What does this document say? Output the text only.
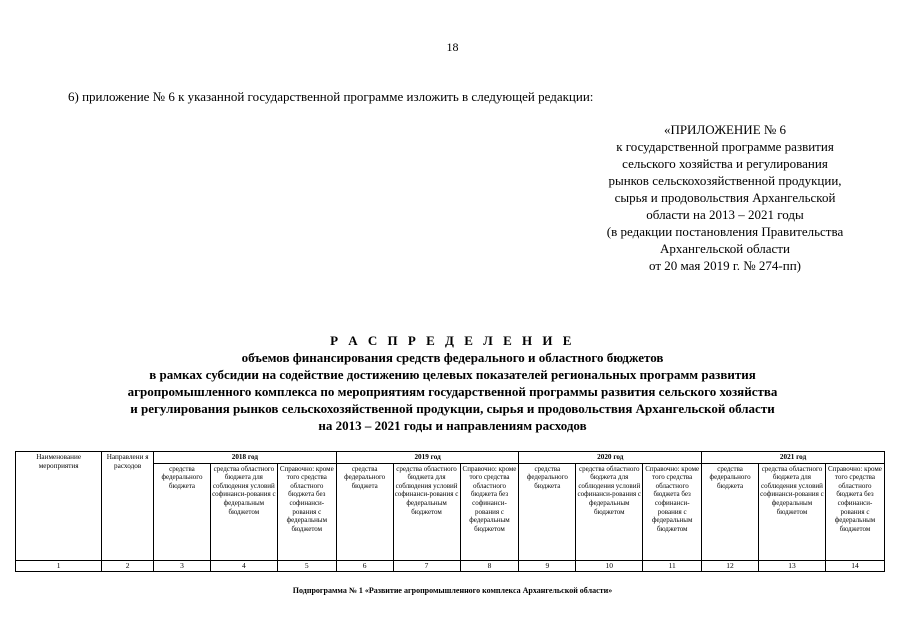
18
6) приложение № 6 к указанной государственной программе изложить в следующей редакции:
«ПРИЛОЖЕНИЕ № 6
к государственной программе развития
сельского хозяйства и регулирования
рынков сельскохозяйственной продукции,
сырья и продовольствия Архангельской
области на 2013 – 2021 годы
(в редакции постановления Правительства
Архангельской области
от 20 мая 2019 г. № 274-пп)
Р А С П Р Е Д Е Л Е Н И Е
объемов финансирования средств федерального и областного бюджетов
в рамках субсидии на содействие достижению целевых показателей региональных программ развития
агропромышленного комплекса по мероприятиям государственной программы развития сельского хозяйства
и регулирования рынков сельскохозяйственной продукции, сырья и продовольствия Архангельской области
на 2013 – 2021 годы и направлениям расходов
Наименование мероприятия	Направлени я расходов	2018 год			2019 год			2020 год			2021 год		
		средства федерального бюджета	средства областного бюджета для соблюдения условий софинанси-рования с федеральным бюджетом	Справочно: кроме того средства областного бюджета без софинанси-рования с федеральным бюджетом	средства федерального бюджета	средства областного бюджета для соблюдения условий софинанси-рования с федеральным бюджетом	Справочно: кроме того средства областного бюджета без софинанси-рования с федеральным бюджетом	средства федерального бюджета	средства областного бюджета для соблюдения условий софинанси-рования с федеральным бюджетом	Справочно: кроме того средства областного бюджета без софинанси-рования с федеральным бюджетом	средства федерального бюджета	средства областного бюджета для соблюдения условий софинанси-рования с федеральным бюджетом	Справочно: кроме того средства областного бюджета без софинанси-рования с федеральным бюджетом
1	2	3	4	5	6	7	8	9	10	11	12	13	14
Подпрограмма № 1 «Развитие агропромышленного комплекса Архангельской области»
